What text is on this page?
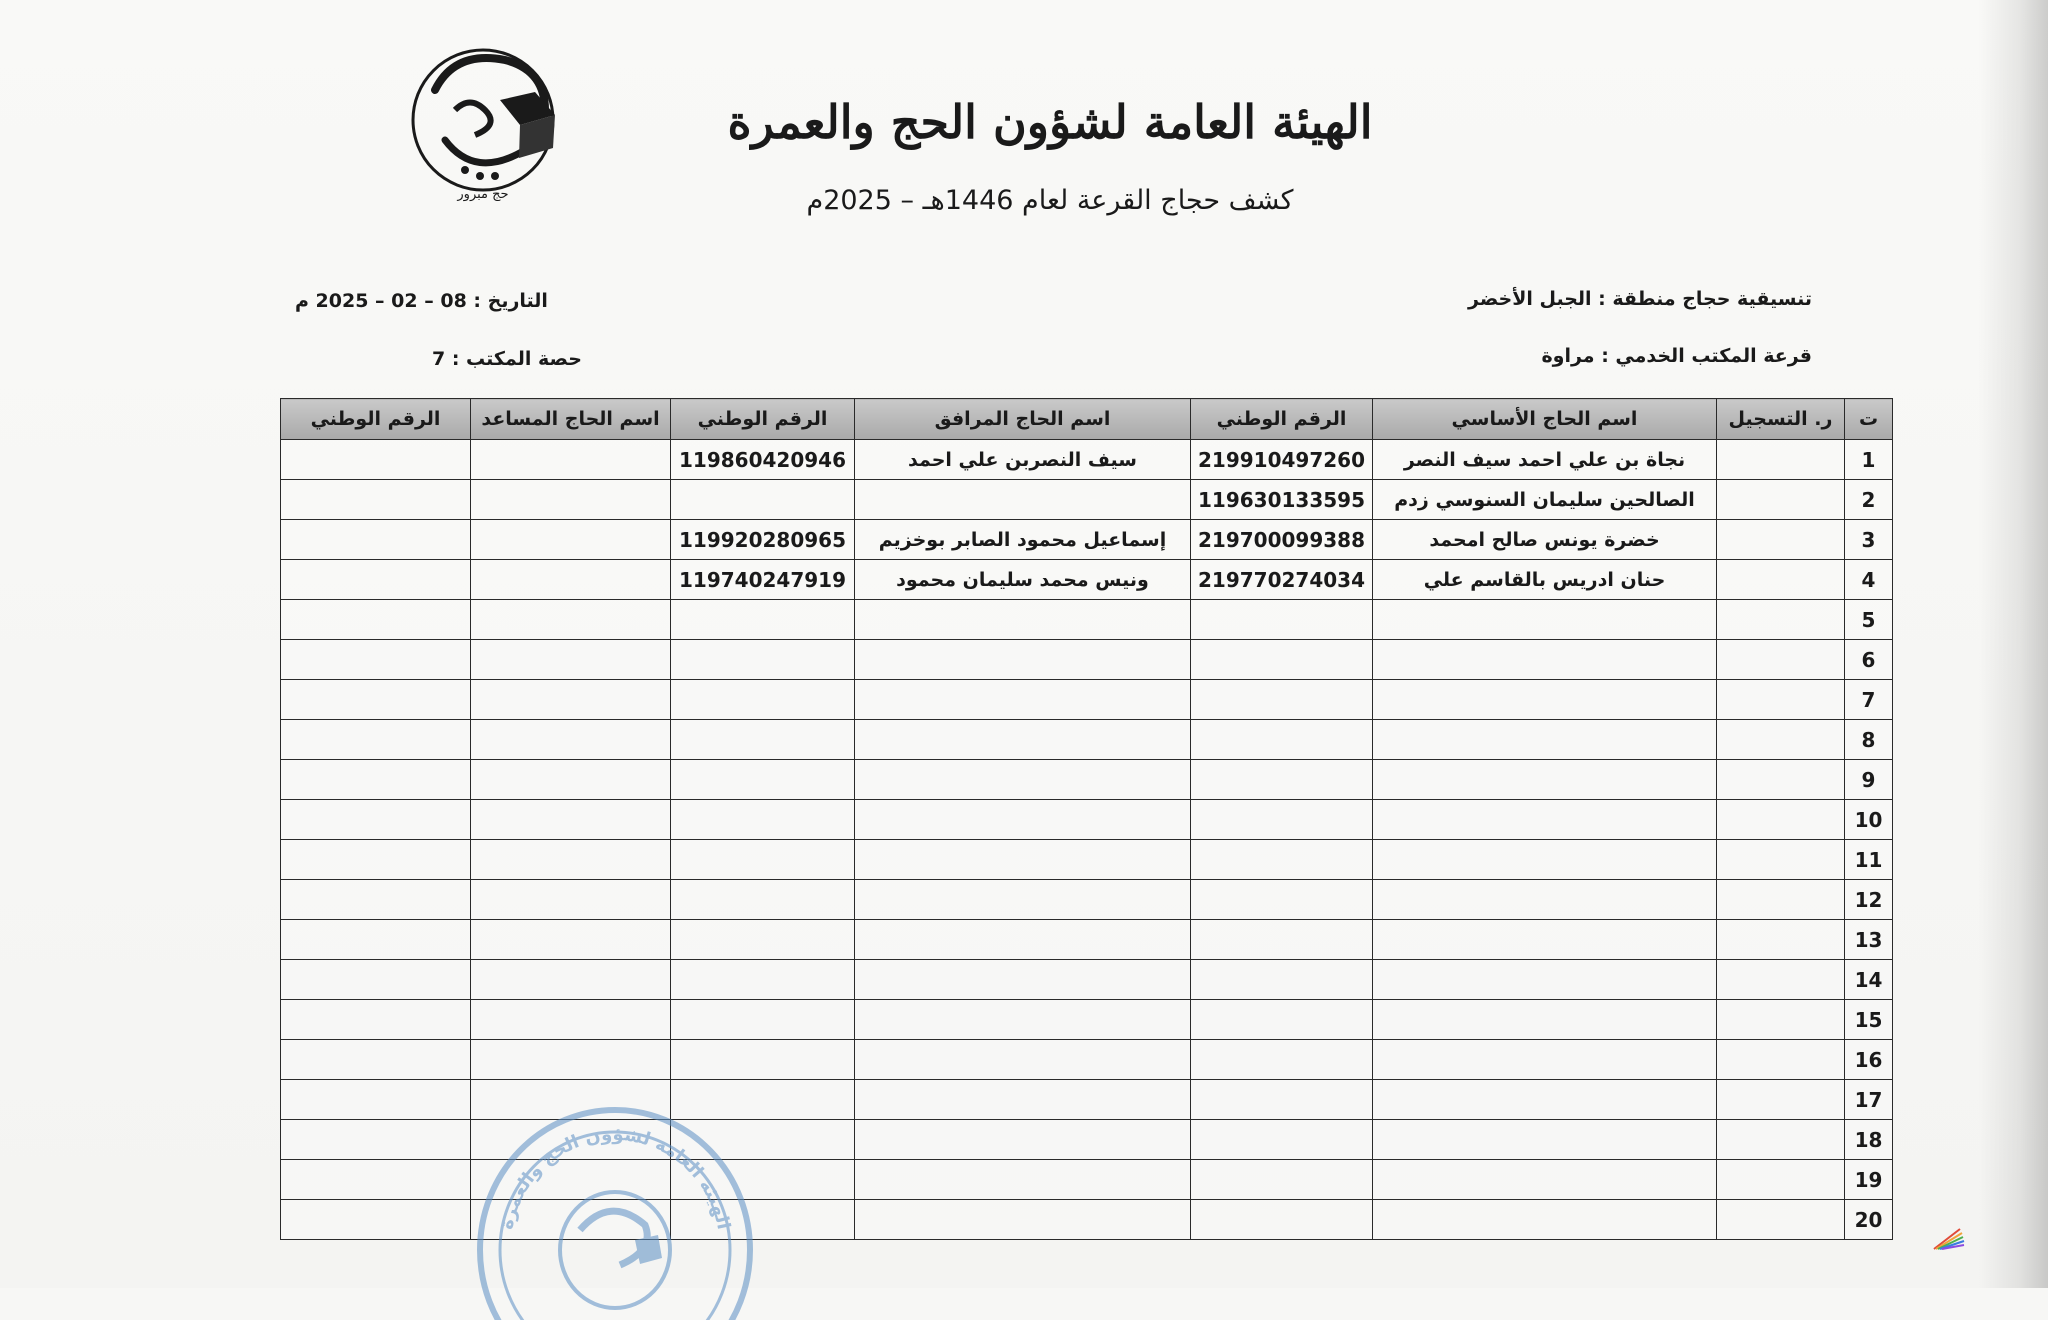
حج مبرور
الهيئة العامة لشؤون الحج والعمرة
كشف حجاج القرعة لعام 1446هـ – 2025م
تنسيقية حجاج منطقة : الجبل الأخضر
قرعة المكتب الخدمي : مراوة
التاريخ : 08 – 02 – 2025 م
حصة المكتب : 7
ت	ر. التسجيل	اسم الحاج الأساسي	الرقم الوطني	اسم الحاج المرافق	الرقم الوطني	اسم الحاج المساعد	الرقم الوطني
1		نجاة بن علي احمد سيف النصر	219910497260	سيف النصربن علي احمد	119860420946		
2		الصالحين سليمان السنوسي زدم	119630133595				
3		خضرة يونس صالح امحمد	219700099388	إسماعيل محمود الصابر بوخزيم	119920280965		
4		حنان ادريس بالقاسم علي	219770274034	ونيس محمد سليمان محمود	119740247919		
5							
6							
7							
8							
9							
10							
11							
12							
13							
14							
15							
16							
17							
18							
19							
20							
الهيئة العامة لشؤون الحج والعمرة
